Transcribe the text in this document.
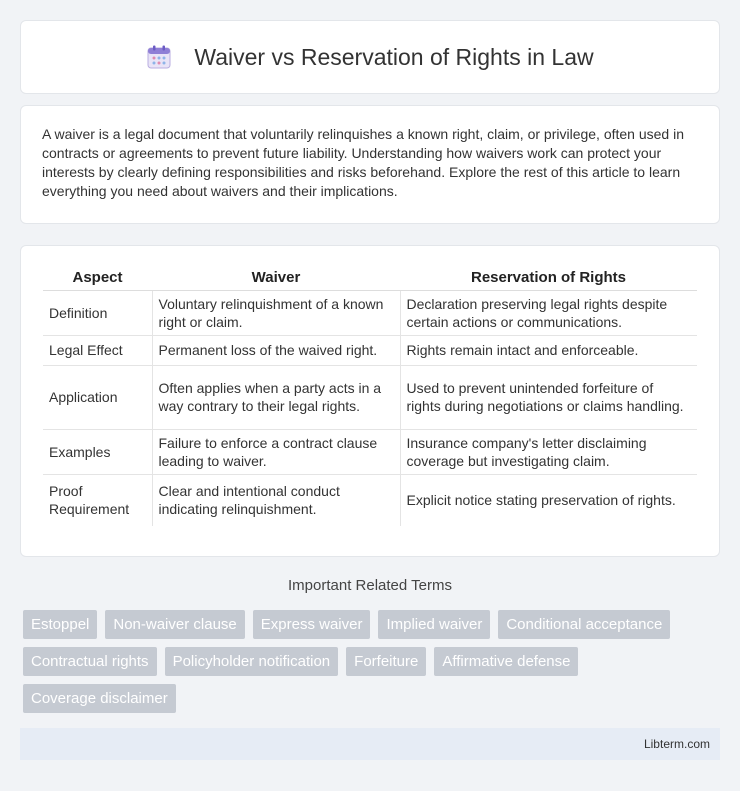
Waiver vs Reservation of Rights in Law

A waiver is a legal document that voluntarily relinquishes a known right, claim, or privilege, often used in contracts or agreements to prevent future liability. Understanding how waivers work can protect your interests by clearly defining responsibilities and risks beforehand. Explore the rest of this article to learn everything you need about waivers and their implications.

Aspect	Waiver	Reservation of Rights
Definition	Voluntary relinquishment of a known right or claim.	Declaration preserving legal rights despite certain actions or communications.
Legal Effect	Permanent loss of the waived right.	Rights remain intact and enforceable.
Application	Often applies when a party acts in a way contrary to their legal rights.	Used to prevent unintended forfeiture of rights during negotiations or claims handling.
Examples	Failure to enforce a contract clause leading to waiver.	Insurance company's letter disclaiming coverage but investigating claim.
Proof Requirement	Clear and intentional conduct indicating relinquishment.	Explicit notice stating preservation of rights.
Important Related Terms
Estoppel	Non-waiver clause	Express waiver	Implied waiver	Conditional acceptance
Contractual rights	Policyholder notification	Forfeiture	Affirmative defense
Coverage disclaimer
Libterm.com
